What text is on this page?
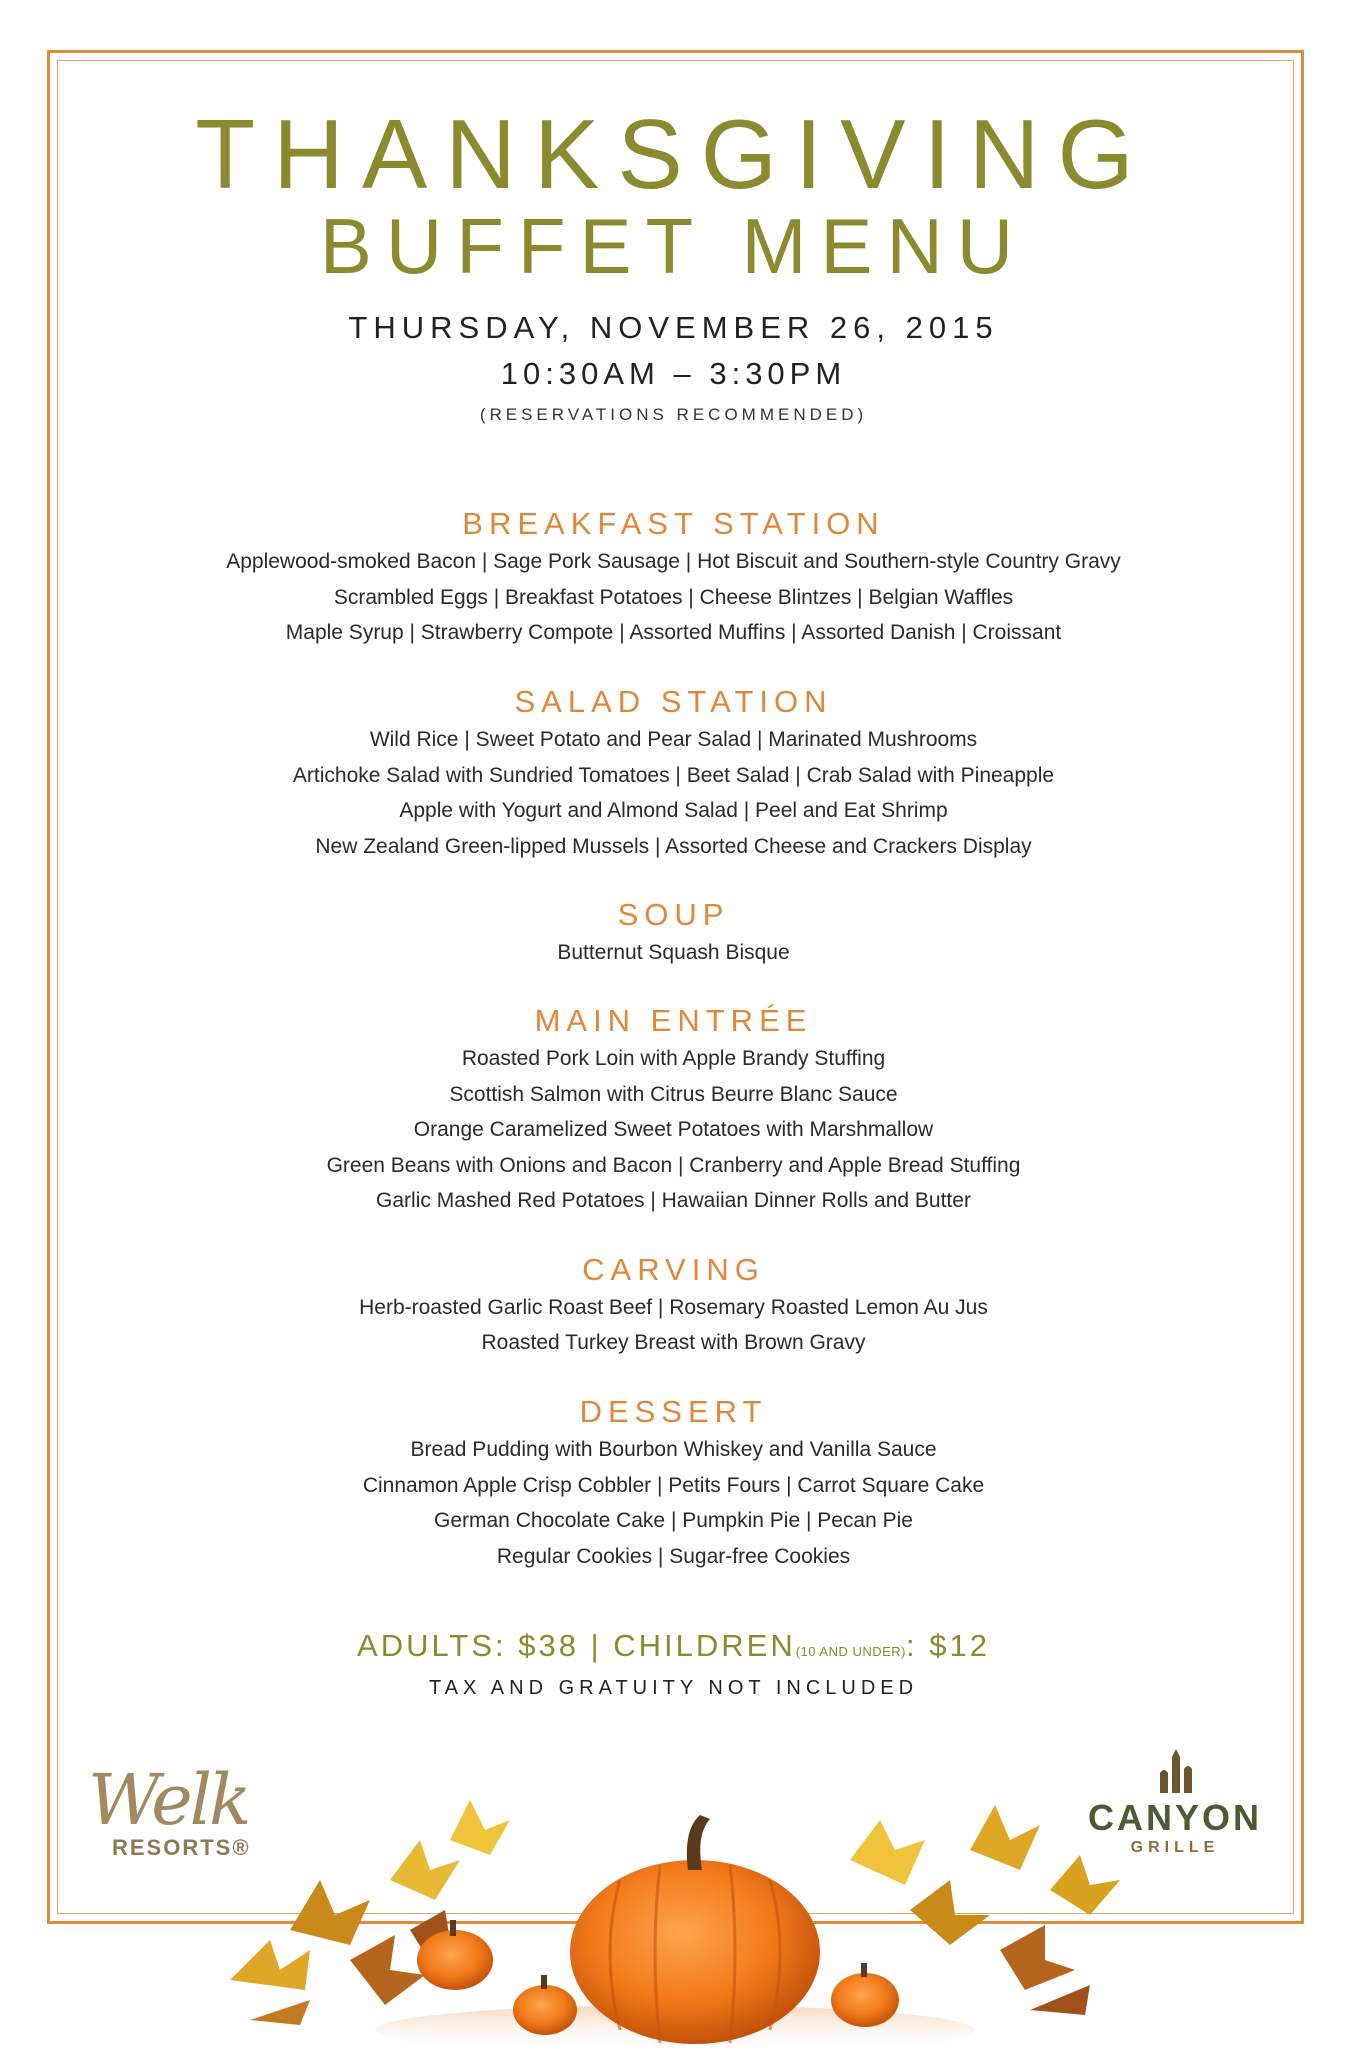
THANKSGIVING
BUFFET MENU
THURSDAY, NOVEMBER 26, 2015
10:30AM – 3:30PM
(RESERVATIONS RECOMMENDED)
BREAKFAST STATION
Applewood-smoked Bacon | Sage Pork Sausage | Hot Biscuit and Southern-style Country Gravy
Scrambled Eggs | Breakfast Potatoes | Cheese Blintzes | Belgian Waffles
Maple Syrup | Strawberry Compote | Assorted Muffins | Assorted Danish | Croissant
SALAD STATION
Wild Rice | Sweet Potato and Pear Salad | Marinated Mushrooms
Artichoke Salad with Sundried Tomatoes | Beet Salad | Crab Salad with Pineapple
Apple with Yogurt and Almond Salad | Peel and Eat Shrimp
New Zealand Green-lipped Mussels | Assorted Cheese and Crackers Display
SOUP
Butternut Squash Bisque
MAIN ENTRÉE
Roasted Pork Loin with Apple Brandy Stuffing
Scottish Salmon with Citrus Beurre Blanc Sauce
Orange Caramelized Sweet Potatoes with Marshmallow
Green Beans with Onions and Bacon | Cranberry and Apple Bread Stuffing
Garlic Mashed Red Potatoes | Hawaiian Dinner Rolls and Butter
CARVING
Herb-roasted Garlic Roast Beef | Rosemary Roasted Lemon Au Jus
Roasted Turkey Breast with Brown Gravy
DESSERT
Bread Pudding with Bourbon Whiskey and Vanilla Sauce
Cinnamon Apple Crisp Cobbler | Petits Fours | Carrot Square Cake
German Chocolate Cake | Pumpkin Pie | Pecan Pie
Regular Cookies | Sugar-free Cookies
ADULTS: $38 | CHILDREN(10 AND UNDER): $12
TAX AND GRATUITY NOT INCLUDED
Welk
RESORTS®
CANYON
GRILLE
